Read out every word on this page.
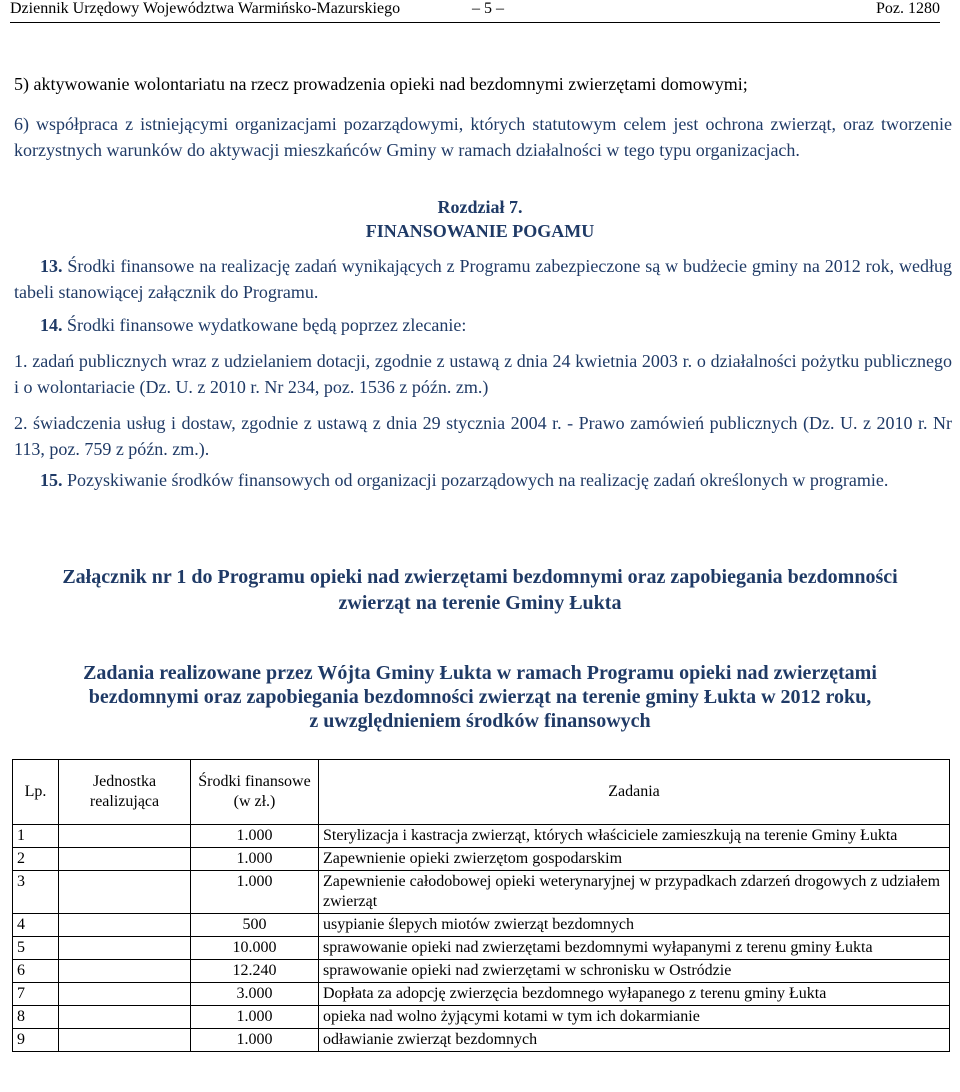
Dziennik Urzędowy Województwa Warmińsko-Mazurskiego	– 5 –	Poz. 1280
5) aktywowanie wolontariatu na rzecz prowadzenia opieki nad bezdomnymi zwierzętami domowymi;
6) współpraca z istniejącymi organizacjami pozarządowymi, których statutowym celem jest ochrona zwierząt, oraz tworzenie korzystnych warunków do aktywacji mieszkańców Gminy w ramach działalności w tego typu organizacjach.
Rozdział 7.
FINANSOWANIE POGAMU
13. Środki finansowe na realizację zadań wynikających z Programu zabezpieczone są w budżecie gminy na 2012 rok, według tabeli stanowiącej załącznik do Programu.
14. Środki finansowe wydatkowane będą poprzez zlecanie:
1. zadań publicznych wraz z udzielaniem dotacji, zgodnie z ustawą z dnia 24 kwietnia 2003 r. o działalności pożytku publicznego i o wolontariacie (Dz. U. z 2010 r. Nr 234, poz. 1536 z późn. zm.)
2. świadczenia usług i dostaw, zgodnie z ustawą z dnia 29 stycznia 2004 r. - Prawo zamówień publicznych (Dz. U. z 2010 r. Nr 113, poz. 759 z późn. zm.).
15. Pozyskiwanie środków finansowych od organizacji pozarządowych na realizację zadań określonych w programie.
Załącznik nr 1 do Programu opieki nad zwierzętami bezdomnymi oraz zapobiegania bezdomności
zwierząt na terenie Gminy Łukta
Zadania realizowane przez Wójta Gminy Łukta w ramach Programu opieki nad zwierzętami
bezdomnymi oraz zapobiegania bezdomności zwierząt na terenie gminy Łukta w 2012 roku,
z uwzględnieniem środków finansowych
Lp.	Jednostka realizująca	Środki finansowe (w zł.)	Zadania
1		1.000	Sterylizacja i kastracja zwierząt, których właściciele zamieszkują na terenie Gminy Łukta
2		1.000	Zapewnienie opieki zwierzętom gospodarskim
3		1.000	Zapewnienie całodobowej opieki weterynaryjnej w przypadkach zdarzeń drogowych z udziałem zwierząt
4		500	usypianie ślepych miotów zwierząt bezdomnych
5		10.000	sprawowanie opieki nad zwierzętami bezdomnymi wyłapanymi z terenu gminy Łukta
6		12.240	sprawowanie opieki nad zwierzętami w schronisku w Ostródzie
7		3.000	Dopłata za adopcję zwierzęcia bezdomnego wyłapanego z terenu gminy Łukta
8		1.000	opieka nad wolno żyjącymi kotami w tym ich dokarmianie
9		1.000	odławianie zwierząt bezdomnych
